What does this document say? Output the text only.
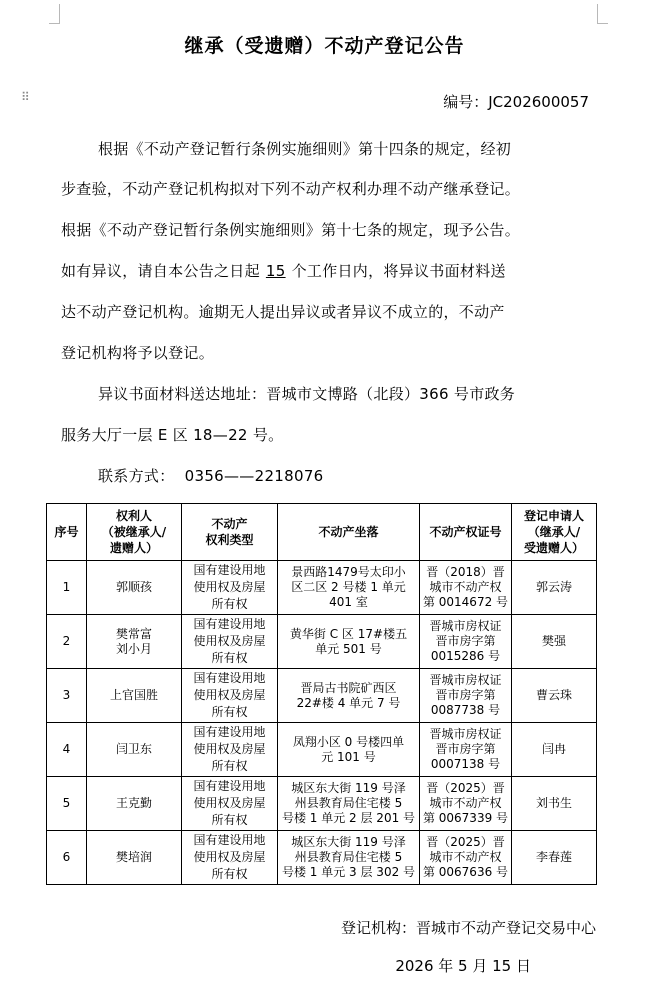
⠿
继承（受遗赠）不动产登记公告
编号：JC202600057
根据《不动产登记暂行条例实施细则》第十四条的规定，经初
步查验，不动产登记机构拟对下列不动产权利办理不动产继承登记。
根据《不动产登记暂行条例实施细则》第十七条的规定，现予公告。
如有异议，请自本公告之日起 15 个工作日内，将异议书面材料送
达不动产登记机构。逾期无人提出异议或者异议不成立的，不动产
登记机构将予以登记。
异议书面材料送达地址：晋城市文博路（北段）366 号市政务
服务大厅一层 E 区 18—22 号。
联系方式：  0356——2218076
序号	权利人
（被继承人/
遗赠人）	不动产
权利类型	不动产坐落	不动产权证号	登记申请人
（继承人/
受遗赠人）
1	郭顺孩	国有建设用地
使用权及房屋
所有权	景西路1479号太印小
区二区 2 号楼 1 单元
401 室	晋（2018）晋
城市不动产权
第 0014672 号	郭云涛
2	樊常富
刘小月	国有建设用地
使用权及房屋
所有权	黄华街 C 区 17#楼五
单元 501 号	晋城市房权证
晋市房字第
0015286 号	樊强
3	上官国胜	国有建设用地
使用权及房屋
所有权	晋局古书院矿西区
22#楼 4 单元 7 号	晋城市房权证
晋市房字第
0087738 号	曹云珠
4	闫卫东	国有建设用地
使用权及房屋
所有权	凤翔小区 0 号楼四单
元 101 号	晋城市房权证
晋市房字第
0007138 号	闫冉
5	王克勤	国有建设用地
使用权及房屋
所有权	城区东大街 119 号泽
州县教育局住宅楼 5
号楼 1 单元 2 层 201 号	晋（2025）晋
城市不动产权
第 0067339 号	刘书生
6	樊培润	国有建设用地
使用权及房屋
所有权	城区东大街 119 号泽
州县教育局住宅楼 5
号楼 1 单元 3 层 302 号	晋（2025）晋
城市不动产权
第 0067636 号	李春莲
登记机构：晋城市不动产登记交易中心
2026 年 5 月 15 日
